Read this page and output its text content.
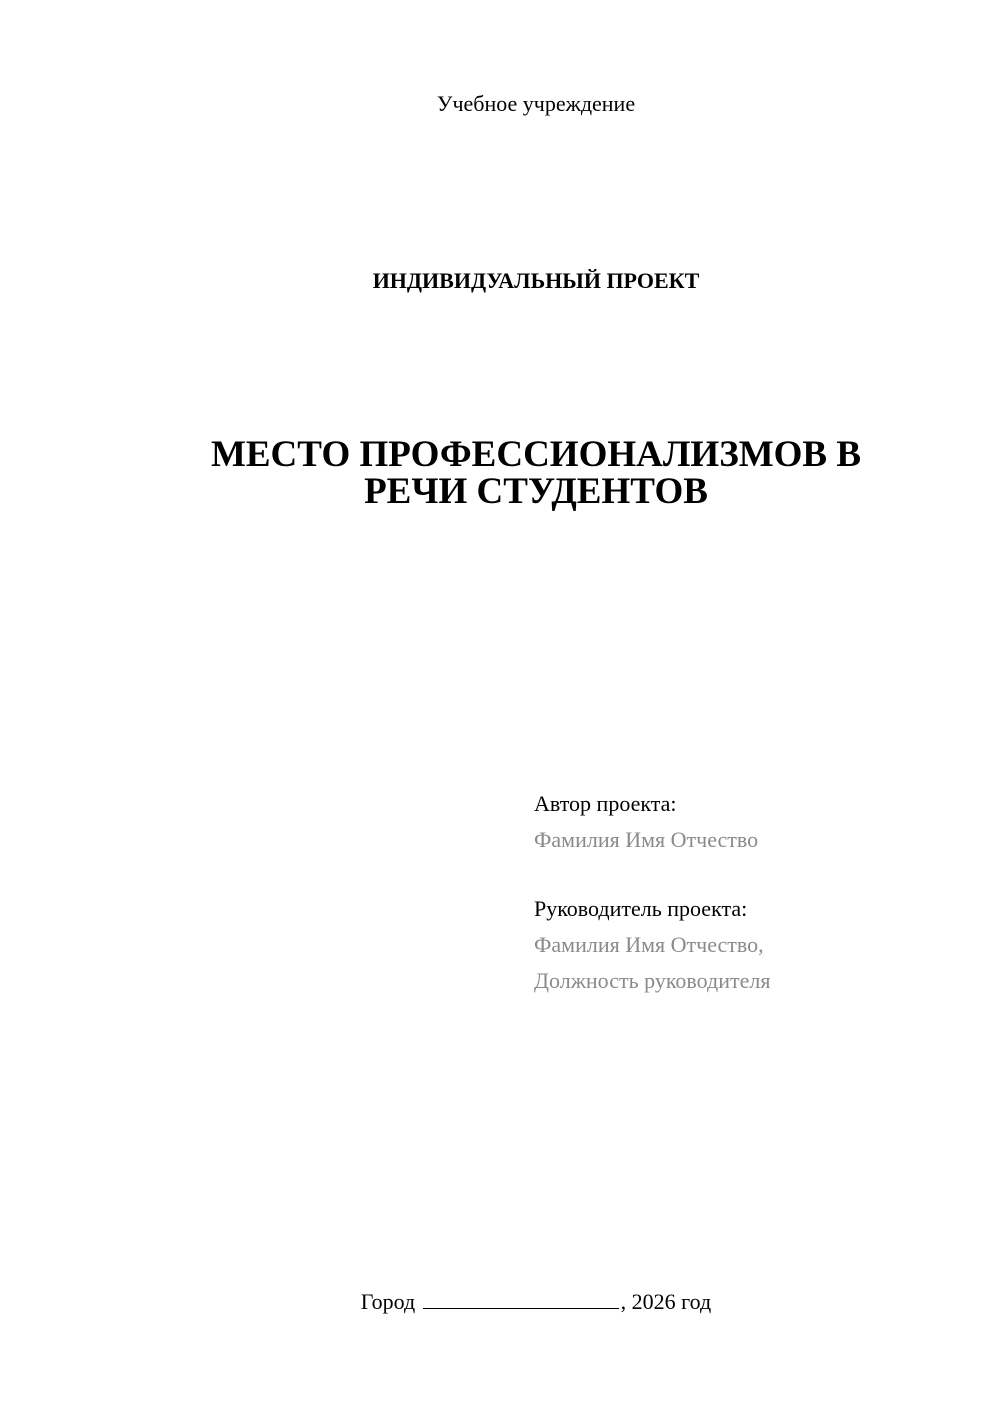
Учебное учреждение
ИНДИВИДУАЛЬНЫЙ ПРОЕКТ
МЕСТО ПРОФЕССИОНАЛИЗМОВ В
РЕЧИ СТУДЕНТОВ
Автор проекта:
Фамилия Имя Отчество
Руководитель проекта:
Фамилия Имя Отчество,
Должность руководителя
Город	, 2026 год
